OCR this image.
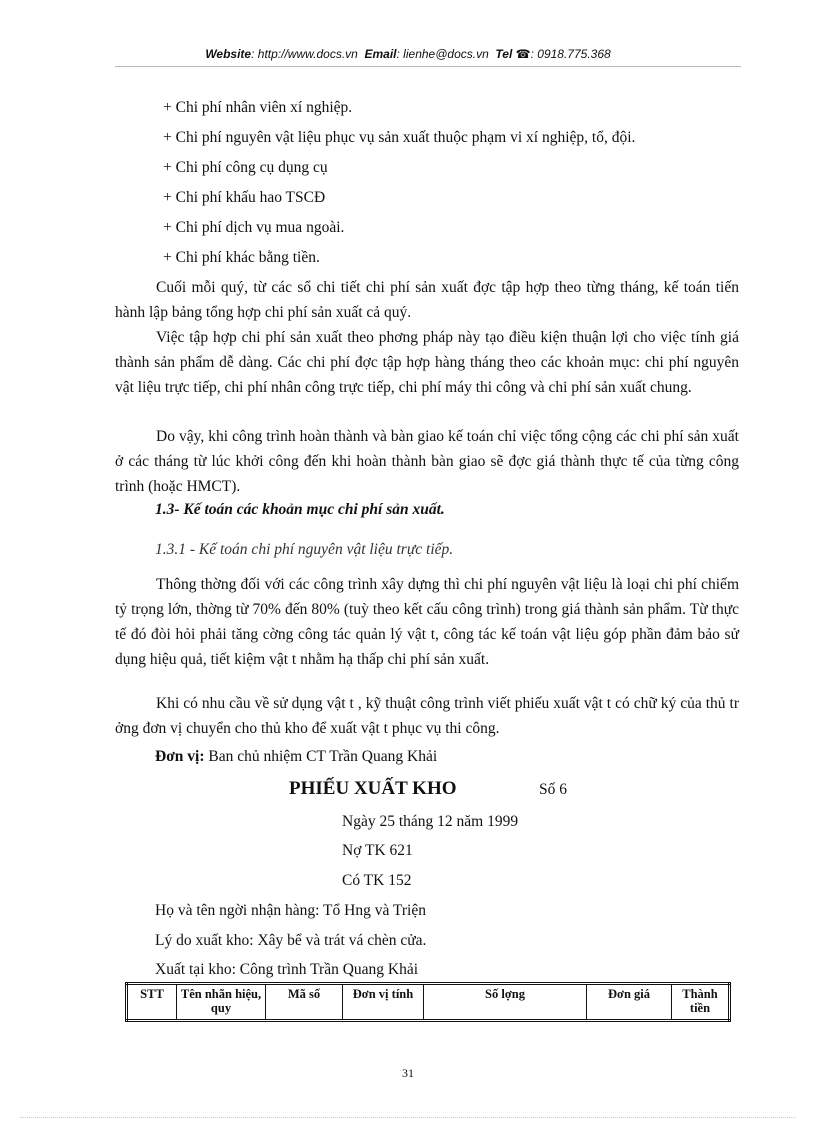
Website: http://www.docs.vn Email: lienhe@docs.vn Tel ☎: 0918.775.368
+ Chi phí nhân viên xí nghiệp.
+ Chi phí nguyên vật liệu phục vụ sản xuất thuộc phạm vi xí nghiệp, tổ, đội.
+ Chi phí công cụ dụng cụ
+ Chi phí khấu hao TSCĐ
+ Chi phí dịch vụ mua ngoài.
+ Chi phí khác bằng tiền.
Cuối mỗi quý, từ các sổ chi tiết chi phí sản xuất đợc tập hợp theo từng tháng, kế toán tiến hành lập bảng tổng hợp chi phí sản xuất cả quý.
Việc tập hợp chi phí sản xuất theo phơng pháp này tạo điều kiện thuận lợi cho việc tính giá thành sản phẩm dễ dàng. Các chi phí đợc tập hợp hàng tháng theo các khoản mục: chi phí nguyên vật liệu trực tiếp, chi phí nhân công trực tiếp, chi phí máy thi công và chi phí sản xuất chung.
Do vậy, khi công trình hoàn thành và bàn giao kế toán chỉ việc tổng cộng các chi phí sản xuất ở các tháng từ lúc khởi công đến khi hoàn thành bàn giao sẽ đợc giá thành thực tế của từng công trình (hoặc HMCT).
1.3- Kế toán các khoản mục chi phí sản xuất.
1.3.1 - Kế toán chi phí nguyên vật liệu trực tiếp.
Thông thờng đối với các công trình xây dựng thì chi phí nguyên vật liệu là loại chi phí chiếm tỷ trọng lớn, thờng từ 70% đến 80% (tuỳ theo kết cấu công trình) trong giá thành sản phẩm. Từ thực tế đó đòi hỏi phải tăng cờng công tác quản lý vật t, công tác kế toán vật liệu góp phần đảm bảo sử dụng hiệu quả, tiết kiệm vật t nhằm hạ thấp chi phí sản xuất.
Khi có nhu cầu về sử dụng vật t , kỹ thuật công trình viết phiếu xuất vật t có chữ ký của thủ tr ởng đơn vị chuyển cho thủ kho để xuất vật t phục vụ thi công.
Đơn vị: Ban chủ nhiệm CT Trần Quang Khải
PHIẾU XUẤT KHO	Số 6
Ngày 25 tháng 12 năm 1999
Nợ TK 621
Có TK 152
Họ và tên ngời nhận hàng: Tổ Hng và Triện
Lý do xuất kho: Xây bể và trát vá chèn cửa.
Xuất tại kho: Công trình Trần Quang Khải
STT	Tên nhãn hiệu, quy	Mã số	Đơn vị tính	Số lợng	Đơn giá	Thành tiền
31
